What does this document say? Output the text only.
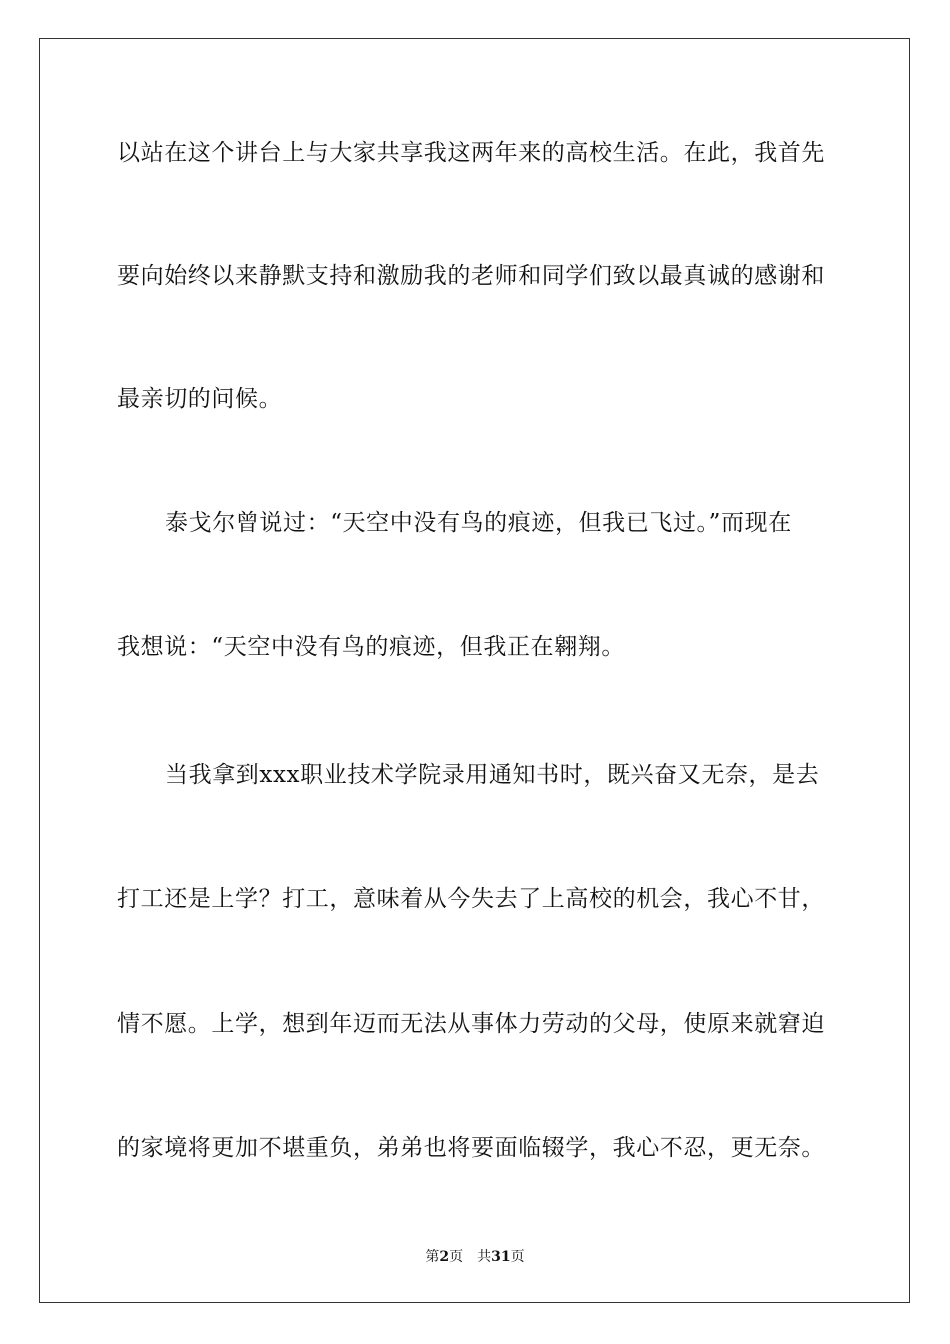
以站在这个讲台上与大家共享我这两年来的高校生活。在此，我首先
要向始终以来静默支持和激励我的老师和同学们致以最真诚的感谢和
最亲切的问候。
泰戈尔曾说过：“天空中没有鸟的痕迹，但我已飞过。”而现在
我想说：“天空中没有鸟的痕迹，但我正在翱翔。
当我拿到xxx职业技术学院录用通知书时，既兴奋又无奈，是去
打工还是上学？打工，意味着从今失去了上高校的机会，我心不甘，
情不愿。上学，想到年迈而无法从事体力劳动的父母，使原来就窘迫
的家境将更加不堪重负，弟弟也将要面临辍学，我心不忍，更无奈。
第2页 共31页
